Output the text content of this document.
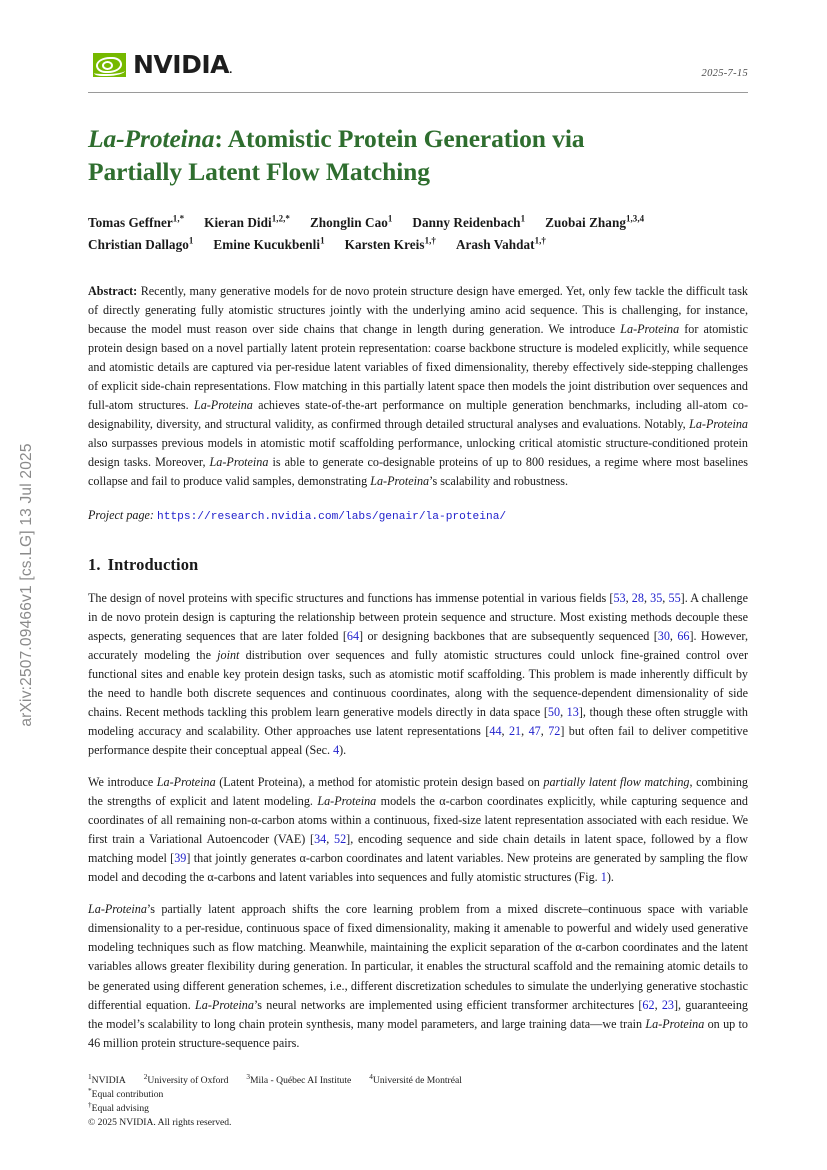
arXiv:2507.09466v1 [cs.LG] 13 Jul 2025
NVIDIA.	2025-7-15
La-Proteina: Atomistic Protein Generation via
Partially Latent Flow Matching
Tomas Geffner$^{1,*}$ Kieran Didi$^{1,2,*}$ Zhonglin Cao$^1$ Danny Reidenbach$^1$ Zuobai Zhang$^{1,3,4}$
Christian Dallago$^1$ Emine Kucukbenli$^1$ Karsten Kreis$^{1,\dagger}$ Arash Vahdat$^{1,\dagger}$
Abstract: Recently, many generative models for de novo protein structure design have emerged. Yet, only few tackle the difficult task of directly generating fully atomistic structures jointly with the underlying amino acid sequence. This is challenging, for instance, because the model must reason over side chains that change in length during generation. We introduce La-Proteina for atomistic protein design based on a novel partially latent protein representation: coarse backbone structure is modeled explicitly, while sequence and atomistic details are captured via per-residue latent variables of fixed dimensionality, thereby effectively side-stepping challenges of explicit side-chain representations. Flow matching in this partially latent space then models the joint distribution over sequences and full-atom structures. La-Proteina achieves state-of-the-art performance on multiple generation benchmarks, including all-atom co-designability, diversity, and structural validity, as confirmed through detailed structural analyses and evaluations. Notably, La-Proteina also surpasses previous models in atomistic motif scaffolding performance, unlocking critical atomistic structure-conditioned protein design tasks. Moreover, La-Proteina is able to generate co-designable proteins of up to 800 residues, a regime where most baselines collapse and fail to produce valid samples, demonstrating La-Proteina’s scalability and robustness.
Project page: https://research.nvidia.com/labs/genair/la-proteina/
1. Introduction

The design of novel proteins with specific structures and functions has immense potential in various fields [53, 28, 35, 55]. A challenge in de novo protein design is capturing the relationship between protein sequence and structure. Most existing methods decouple these aspects, generating sequences that are later folded [64] or designing backbones that are subsequently sequenced [30, 66]. However, accurately modeling the joint distribution over sequences and fully atomistic structures could unlock fine-grained control over functional sites and enable key protein design tasks, such as atomistic motif scaffolding. This problem is made inherently difficult by the need to handle both discrete sequences and continuous coordinates, along with the sequence-dependent dimensionality of side chains. Recent methods tackling this problem learn generative models directly in data space [50, 13], though these often struggle with modeling accuracy and scalability. Other approaches use latent representations [44, 21, 47, 72] but often fail to deliver competitive performance despite their conceptual appeal (Sec. 4).

We introduce La-Proteina (Latent Proteina), a method for atomistic protein design based on partially latent flow matching, combining the strengths of explicit and latent modeling. La-Proteina models the α-carbon coordinates explicitly, while capturing sequence and coordinates of all remaining non-α-carbon atoms within a continuous, fixed-size latent representation associated with each residue. We first train a Variational Autoencoder (VAE) [34, 52], encoding sequence and side chain details in latent space, followed by a flow matching model [39] that jointly generates α-carbon coordinates and latent variables. New proteins are generated by sampling the flow model and decoding the α-carbons and latent variables into sequences and fully atomistic structures (Fig. 1).

La-Proteina’s partially latent approach shifts the core learning problem from a mixed discrete–continuous space with variable dimensionality to a per-residue, continuous space of fixed dimensionality, making it amenable to powerful and widely used generative modeling techniques such as flow matching. Meanwhile, maintaining the explicit separation of the α-carbon coordinates and the latent variables allows greater flexibility during generation. In particular, it enables the structural scaffold and the remaining atomic details to be generated using different generation schemes, i.e., different discretization schedules to simulate the underlying generative stochastic differential equation. La-Proteina’s neural networks are implemented using efficient transformer architectures [62, 23], guaranteeing the model’s scalability to long chain protein synthesis, many model parameters, and large training data—we train La-Proteina on up to 46 million protein structure-sequence pairs.

$^1$NVIDIA $^2$University of Oxford $^3$Mila - Québec AI Institute $^4$Université de Montréal
*Equal contribution
†Equal advising
© 2025 NVIDIA. All rights reserved.
